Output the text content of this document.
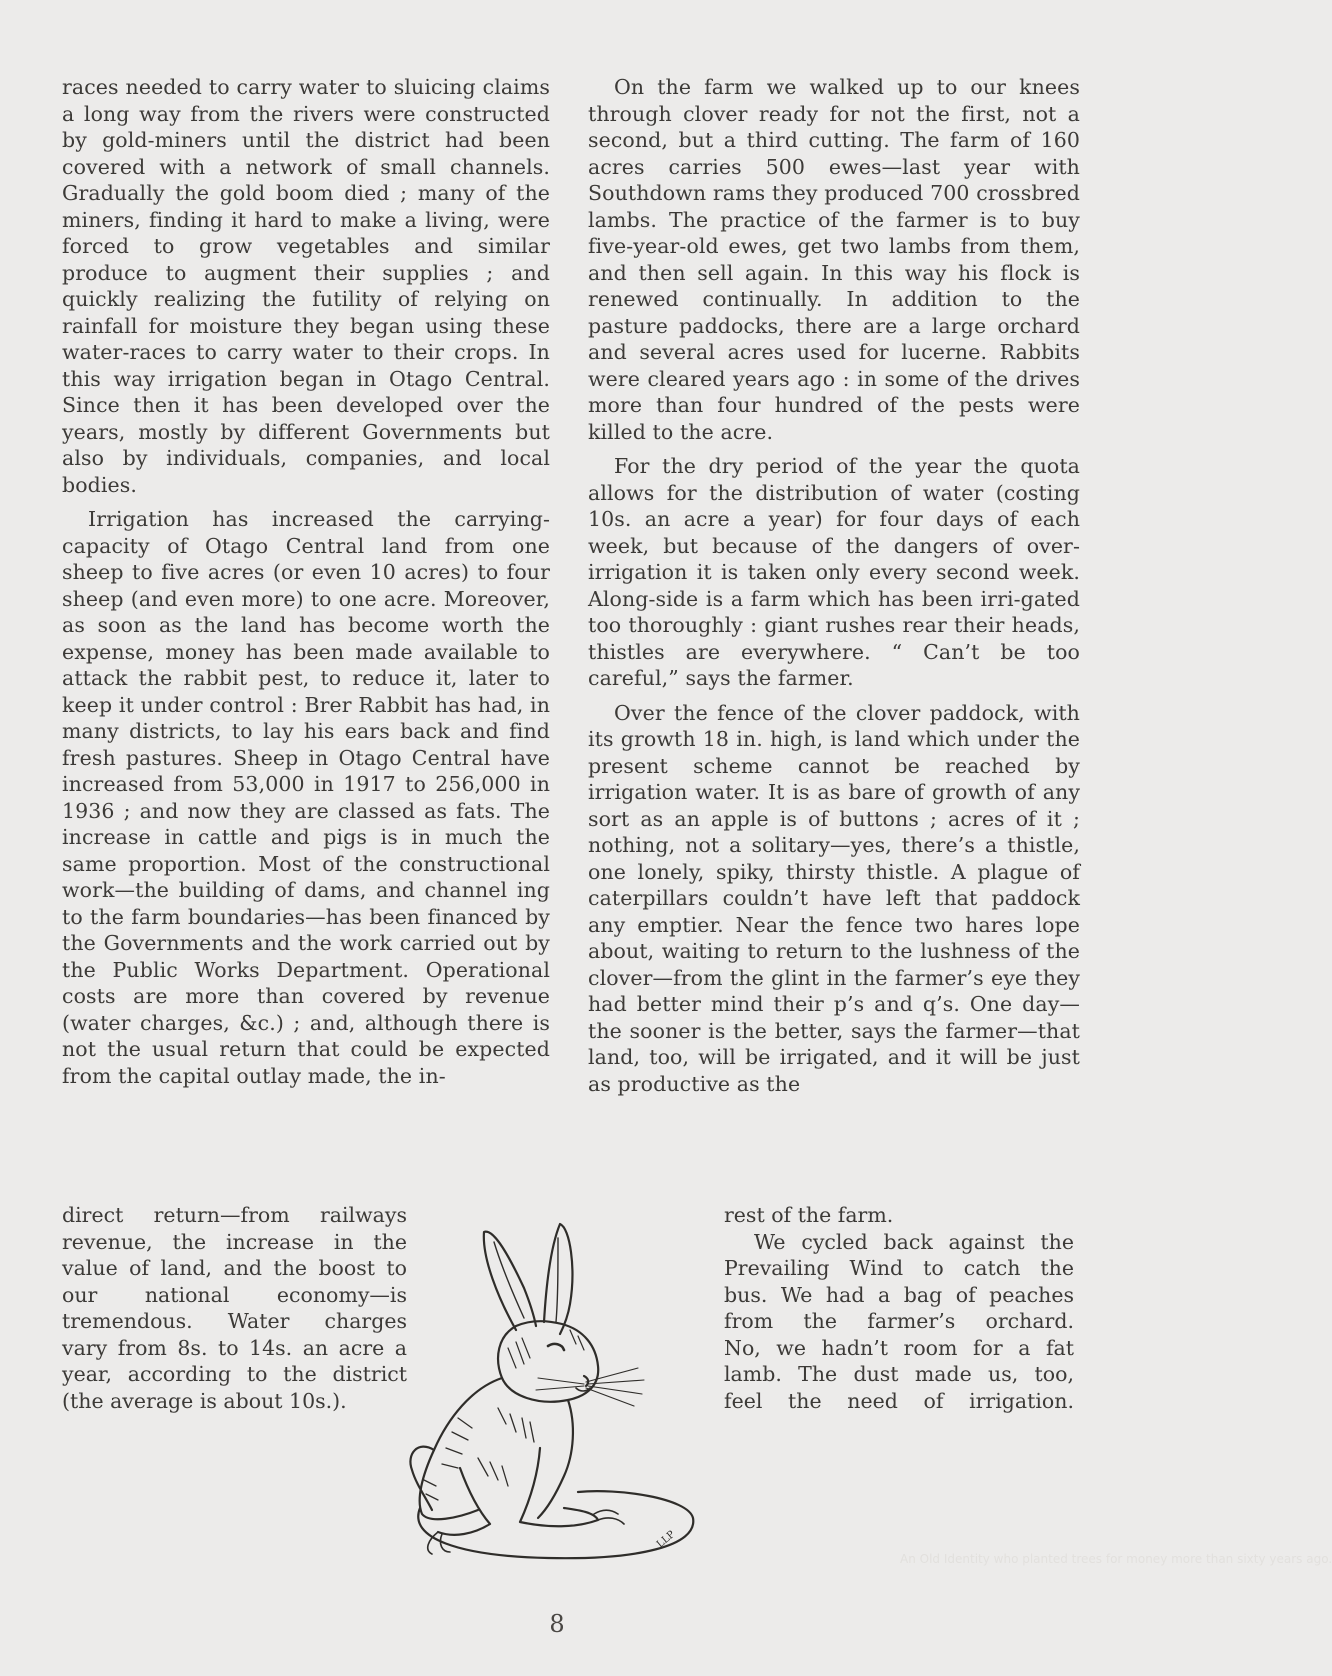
races needed to carry water to sluicing claims a long way from the rivers were constructed by gold-miners until the district had been covered with a network of small channels. Gradually the gold boom died ; many of the miners, finding it hard to make a living, were forced to grow vegetables and similar produce to augment their supplies ; and quickly realizing the futility of relying on rainfall for moisture they began using these water-races to carry water to their crops. In this way irrigation began in Otago Central. Since then it has been developed over the years, mostly by different Governments but also by individuals, companies, and local bodies.

Irrigation has increased the carrying-capacity of Otago Central land from one sheep to five acres (or even 10 acres) to four sheep (and even more) to one acre. Moreover, as soon as the land has become worth the expense, money has been made available to attack the rabbit pest, to reduce it, later to keep it under control : Brer Rabbit has had, in many districts, to lay his ears back and find fresh pastures. Sheep in Otago Central have increased from 53,000 in 1917 to 256,000 in 1936 ; and now they are classed as fats. The increase in cattle and pigs is in much the same proportion. Most of the constructional work—the building of dams, and channel ing to the farm boundaries—has been financed by the Governments and the work carried out by the Public Works Department. Operational costs are more than covered by revenue (water charges, &c.) ; and, although there is not the usual return that could be expected from the capital outlay made, the in-

On the farm we walked up to our knees through clover ready for not the first, not a second, but a third cutting. The farm of 160 acres carries 500 ewes—last year with Southdown rams they produced 700 crossbred lambs. The practice of the farmer is to buy five-year-old ewes, get two lambs from them, and then sell again. In this way his flock is renewed continually. In addition to the pasture paddocks, there are a large orchard and several acres used for lucerne. Rabbits were cleared years ago : in some of the drives more than four hundred of the pests were killed to the acre.

For the dry period of the year the quota allows for the distribution of water (costing 10s. an acre a year) for four days of each week, but because of the dangers of over-irrigation it is taken only every second week. Along-side is a farm which has been irri-gated too thoroughly : giant rushes rear their heads, thistles are everywhere. “ Can’t be too careful,” says the farmer.

Over the fence of the clover paddock, with its growth 18 in. high, is land which under the present scheme cannot be reached by irrigation water. It is as bare of growth of any sort as an apple is of buttons ; acres of it ; nothing, not a solitary—yes, there’s a thistle, one lonely, spiky, thirsty thistle. A plague of caterpillars couldn’t have left that paddock any emptier. Near the fence two hares lope about, waiting to return to the lushness of the clover—from the glint in the farmer’s eye they had better mind their p’s and q’s. One day—the sooner is the better, says the farmer—that land, too, will be irrigated, and it will be just as productive as the

direct return—from railways
revenue, the increase in the
value of land, and the boost to
our national economy—is
tremendous. Water charges
vary from 8s. to 14s. an acre a
year, according to the district
(the average is about 10s.).
rest of the farm.
We cycled back against the
Prevailing Wind to catch the
bus. We had a bag of peaches
from the farmer’s orchard.
No, we hadn’t room for a fat
lamb. The dust made us, too,
feel the need of irrigation.
LLP
An Old Identity who planted trees for money more than sixty years ago.
8
